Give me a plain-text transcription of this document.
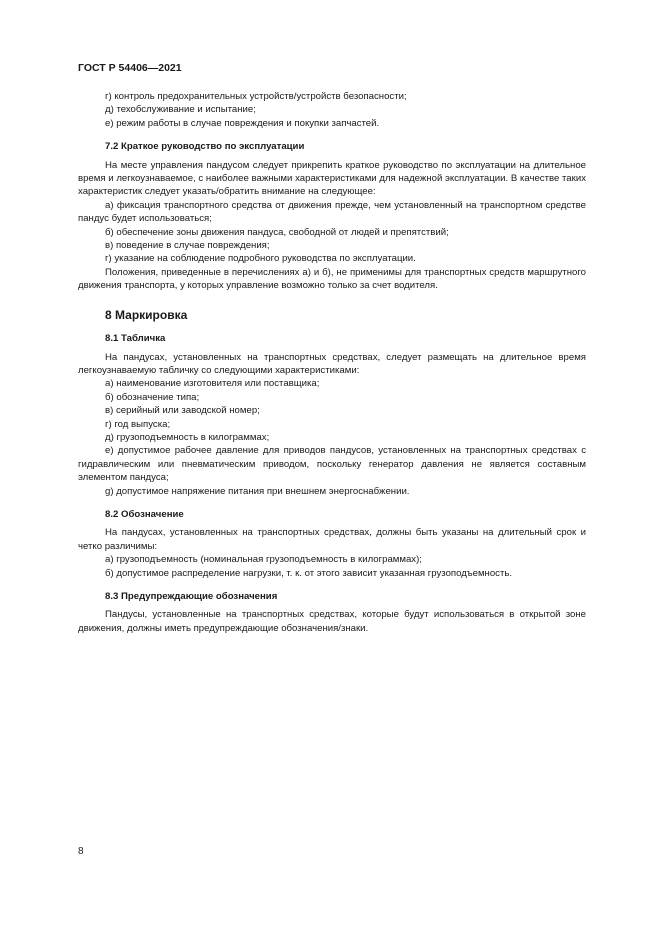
ГОСТ Р 54406—2021

г) контроль предохранительных устройств/устройств безопасности;

д) техобслуживание и испытание;

е) режим работы в случае повреждения и покупки запчастей.

7.2 Краткое руководство по эксплуатации

На месте управления пандусом следует прикрепить краткое руководство по эксплуатации на длительное время и легкоузнаваемое, с наиболее важными характеристиками для надежной эксплуатации. В качестве таких характеристик следует указать/обратить внимание на следующее:

а) фиксация транспортного средства от движения прежде, чем установленный на транспортном средстве пандус будет использоваться;

б) обеспечение зоны движения пандуса, свободной от людей и препятствий;

в) поведение в случае повреждения;

г) указание на соблюдение подробного руководства по эксплуатации.

Положения, приведенные в перечислениях а) и б), не применимы для транспортных средств маршрутного движения транспорта, у которых управление возможно только за счет водителя.

8 Маркировка

8.1 Табличка

На пандусах, установленных на транспортных средствах, следует размещать на длительное время легкоузнаваемую табличку со следующими характеристиками:

а) наименование изготовителя или поставщика;

б) обозначение типа;

в) серийный или заводской номер;

г) год выпуска;

д) грузоподъемность в килограммах;

е) допустимое рабочее давление для приводов пандусов, установленных на транспортных средствах с гидравлическим или пневматическим приводом, поскольку генератор давления не является составным элементом пандуса;

g) допустимое напряжение питания при внешнем энергоснабжении.

8.2 Обозначение

На пандусах, установленных на транспортных средствах, должны быть указаны на длительный срок и четко различимы:

а) грузоподъемность (номинальная грузоподъемность в килограммах);

б) допустимое распределение нагрузки, т. к. от этого зависит указанная грузоподъемность.

8.3 Предупреждающие обозначения

Пандусы, установленные на транспортных средствах, которые будут использоваться в открытой зоне движения, должны иметь предупреждающие обозначения/знаки.

8
